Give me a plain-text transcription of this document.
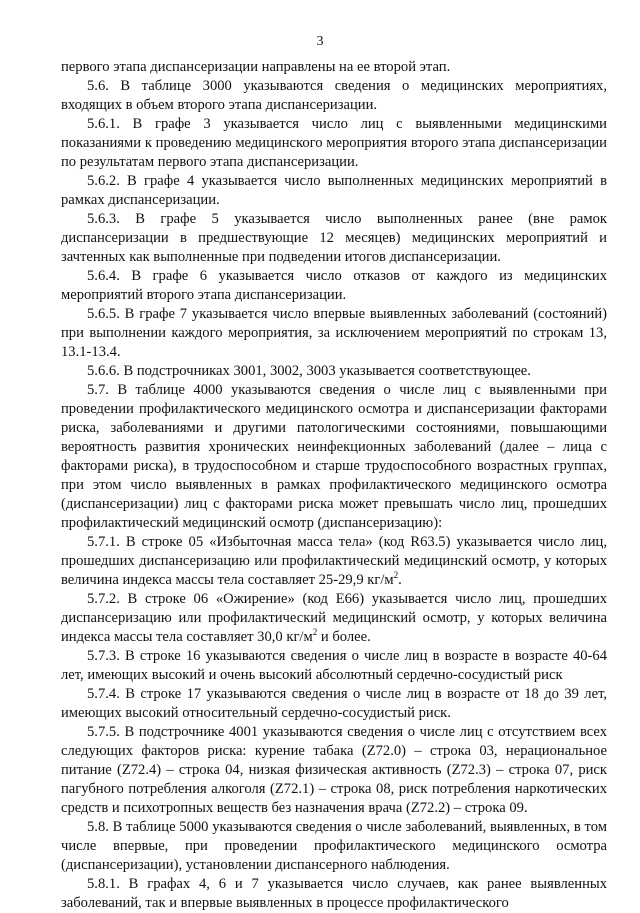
3

первого этапа диспансеризации направлены на ее второй этап.

5.6. В таблице 3000 указываются сведения о медицинских мероприятиях, входящих в объем второго этапа диспансеризации.

5.6.1. В графе 3 указывается число лиц с выявленными медицинскими показаниями к проведению медицинского мероприятия второго этапа диспансеризации по результатам первого этапа диспансеризации.

5.6.2. В графе 4 указывается число выполненных медицинских мероприятий в рамках диспансеризации.

5.6.3. В графе 5 указывается число выполненных ранее (вне рамок диспансеризации в предшествующие 12 месяцев) медицинских мероприятий и зачтенных как выполненные при подведении итогов диспансеризации.

5.6.4. В графе 6 указывается число отказов от каждого из медицинских мероприятий второго этапа диспансеризации.

5.6.5. В графе 7 указывается число впервые выявленных заболеваний (состояний) при выполнении каждого мероприятия, за исключением мероприятий по строкам 13, 13.1-13.4.

5.6.6. В подстрочниках 3001, 3002, 3003 указывается соответствующее.

5.7. В таблице 4000 указываются сведения о числе лиц с выявленными при проведении профилактического медицинского осмотра и диспансеризации факторами риска, заболеваниями и другими патологическими состояниями, повышающими вероятность развития хронических неинфекционных заболеваний (далее – лица с факторами риска), в трудоспособном и старше трудоспособного возрастных группах, при этом число выявленных в рамках профилактического медицинского осмотра (диспансеризации) лиц с факторами риска может превышать число лиц, прошедших профилактический медицинский осмотр (диспансеризацию):

5.7.1. В строке 05 «Избыточная масса тела» (код R63.5) указывается число лиц, прошедших диспансеризацию или профилактический медицинский осмотр, у которых величина индекса массы тела составляет 25-29,9 $кг/м^2$.

5.7.2. В строке 06 «Ожирение» (код E66) указывается число лиц, прошедших диспансеризацию или профилактический медицинский осмотр, у которых величина индекса массы тела составляет 30,0 $кг/м^2$ и более.

5.7.3. В строке 16 указываются сведения о числе лиц в возрасте в возрасте 40-64 лет, имеющих высокий и очень высокий абсолютный сердечно-сосудистый риск

5.7.4. В строке 17 указываются сведения о числе лиц в возрасте от 18 до 39 лет, имеющих высокий относительный сердечно-сосудистый риск.

5.7.5. В подстрочнике 4001 указываются сведения о числе лиц с отсутствием всех следующих факторов риска: курение табака (Z72.0) – строка 03, нерациональное питание (Z72.4) – строка 04, низкая физическая активность (Z72.3) – строка 07, риск пагубного потребления алкоголя (Z72.1) – строка 08, риск потребления наркотических средств и психотропных веществ без назначения врача (Z72.2) – строка 09.

5.8. В таблице 5000 указываются сведения о числе заболеваний, выявленных, в том числе впервые, при проведении профилактического медицинского осмотра (диспансеризации), установлении диспансерного наблюдения.

5.8.1. В графах 4, 6 и 7 указывается число случаев, как ранее выявленных заболеваний, так и впервые выявленных в процессе профилактического
